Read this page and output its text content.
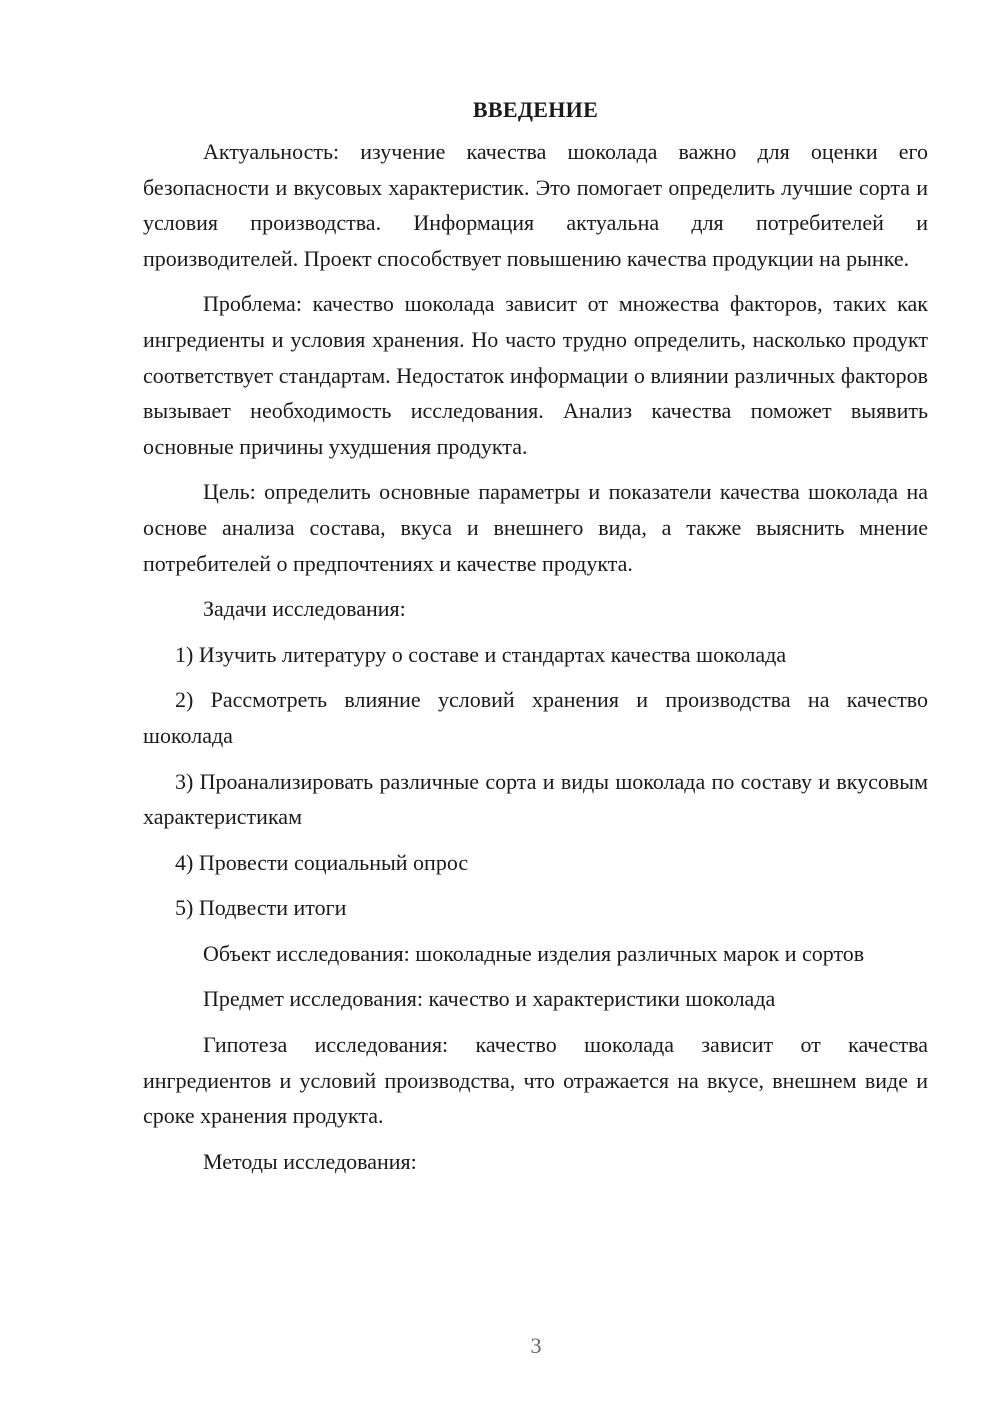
ВВЕДЕНИЕ

Актуальность: изучение качества шоколада важно для оценки его безопасности и вкусовых характеристик. Это помогает определить лучшие сорта и условия производства. Информация актуальна для потребителей и производителей. Проект способствует повышению качества продукции на рынке.

Проблема: качество шоколада зависит от множества факторов, таких как ингредиенты и условия хранения. Но часто трудно определить, насколько продукт соответствует стандартам. Недостаток информации о влиянии различных факторов вызывает необходимость исследования. Анализ качества поможет выявить основные причины ухудшения продукта.

Цель: определить основные параметры и показатели качества шоколада на основе анализа состава, вкуса и внешнего вида, а также выяснить мнение потребителей о предпочтениях и качестве продукта.

Задачи исследования:

1) Изучить литературу о составе и стандартах качества шоколада

2) Рассмотреть влияние условий хранения и производства на качество шоколада

3) Проанализировать различные сорта и виды шоколада по составу и вкусовым характеристикам

4) Провести социальный опрос

5) Подвести итоги

Объект исследования: шоколадные изделия различных марок и сортов

Предмет исследования: качество и характеристики шоколада

Гипотеза исследования: качество шоколада зависит от качества ингредиентов и условий производства, что отражается на вкусе, внешнем виде и сроке хранения продукта.

Методы исследования:

3
